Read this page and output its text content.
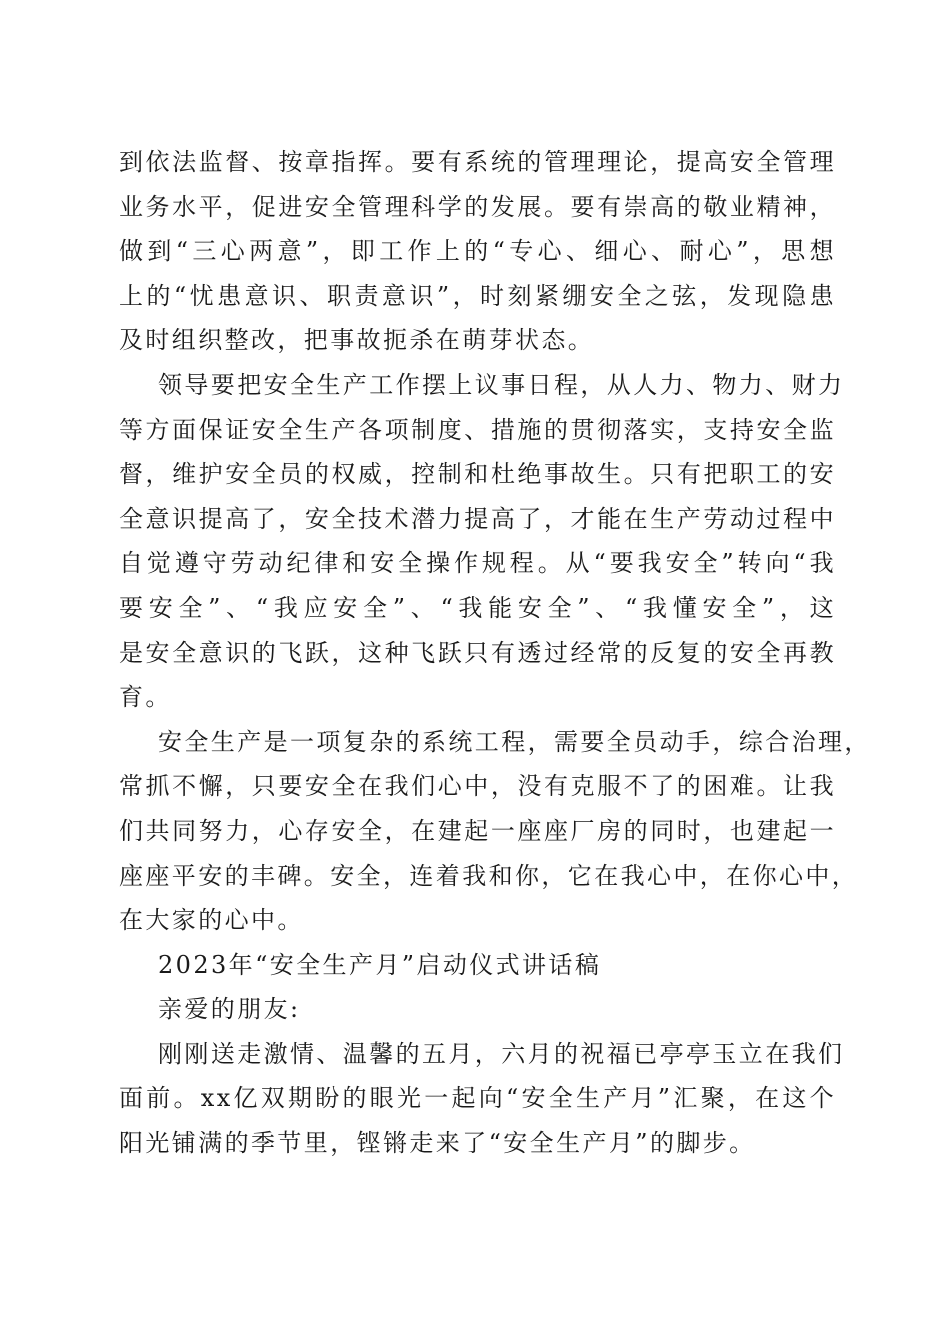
到依法监督、按章指挥。要有系统的管理理论，提高安全管理
业务水平，促进安全管理科学的发展。要有崇高的敬业精神，
做到“三心两意”，即工作上的“专心、细心、耐心”，思想
上的“忧患意识、职责意识”，时刻紧绷安全之弦，发现隐患
及时组织整改，把事故扼杀在萌芽状态。
领导要把安全生产工作摆上议事日程，从人力、物力、财力
等方面保证安全生产各项制度、措施的贯彻落实，支持安全监
督，维护安全员的权威，控制和杜绝事故生。只有把职工的安
全意识提高了，安全技术潜力提高了，才能在生产劳动过程中
自觉遵守劳动纪律和安全操作规程。从“要我安全”转向“我
要安全”、“我应安全”、“我能安全”、“我懂安全”，这
是安全意识的飞跃，这种飞跃只有透过经常的反复的安全再教
育。
安全生产是一项复杂的系统工程，需要全员动手，综合治理，
常抓不懈，只要安全在我们心中，没有克服不了的困难。让我
们共同努力，心存安全，在建起一座座厂房的同时，也建起一
座座平安的丰碑。安全，连着我和你，它在我心中，在你心中，
在大家的心中。
2023年“安全生产月”启动仪式讲话稿
亲爱的朋友:
刚刚送走激情、温馨的五月，六月的祝福已亭亭玉立在我们
面前。xx亿双期盼的眼光一起向“安全生产月”汇聚，在这个
阳光铺满的季节里，铿锵走来了“安全生产月”的脚步。
